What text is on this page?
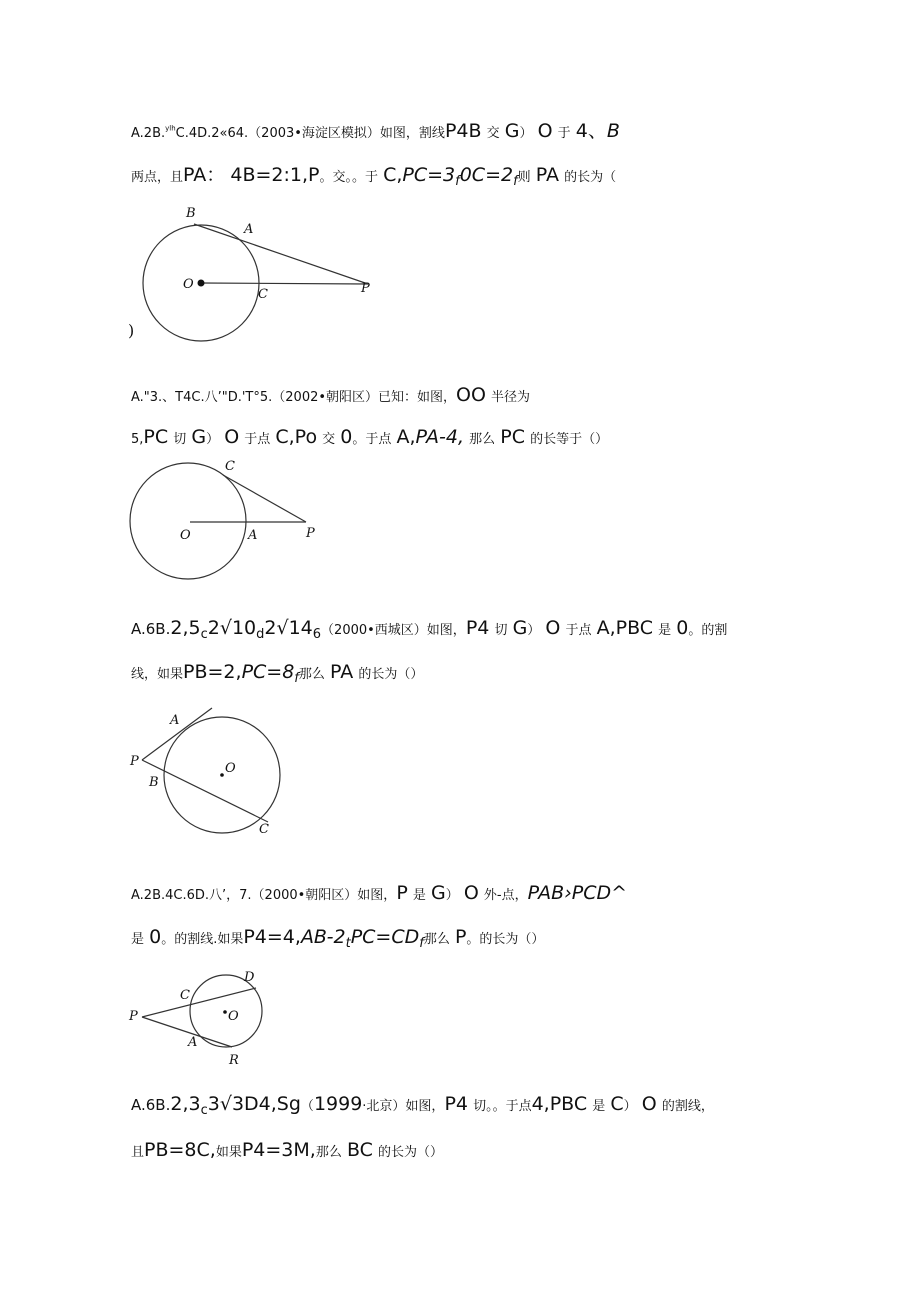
A.2B.$^{ylh}$C.4D.2«64.（2003•海淀区模拟）如图，割线P4B 交 G） O 于 4、B
两点，且PA： 4B=2:1,P。交。。于 $C,PC=3_f0C=2_f$则 PA 的长为（
B
A
O
C	P
)
A."3.、T4C.八’"D.'T°5.（2002•朝阳区）已知：如图，OO 半径为
5,PC 切 G） O 于点 C,Po 交 0。于点 A,PA-4, 那么 PC 的长等于（）
C
O	A	P
$A.6B.2,5_c2√10_d2√14_6(2000•$西城区）如图，P4 切 G） O 于点 A,PBC 是 0。的割
线，如果$PB=2,PC=8_f$那么 PA 的长为（）
A
P
B
O
C
A.2B.4C.6D.八’，7.（2000•朝阳区）如图，P 是 G） O 外-点，PAB›PCD^
是 0。的割线.如果$P4=4,AB-2_tPC=CD_f$那么 P。的长为（）
D
C
O
P
A
R
$A.6B.2,3_c3√3D4,Sg(1999\cdot$北京）如图，P4 切。。于点4,PBC 是 C） O 的割线，
且PB=8C,如果P4=3M,那么 BC 的长为（）
